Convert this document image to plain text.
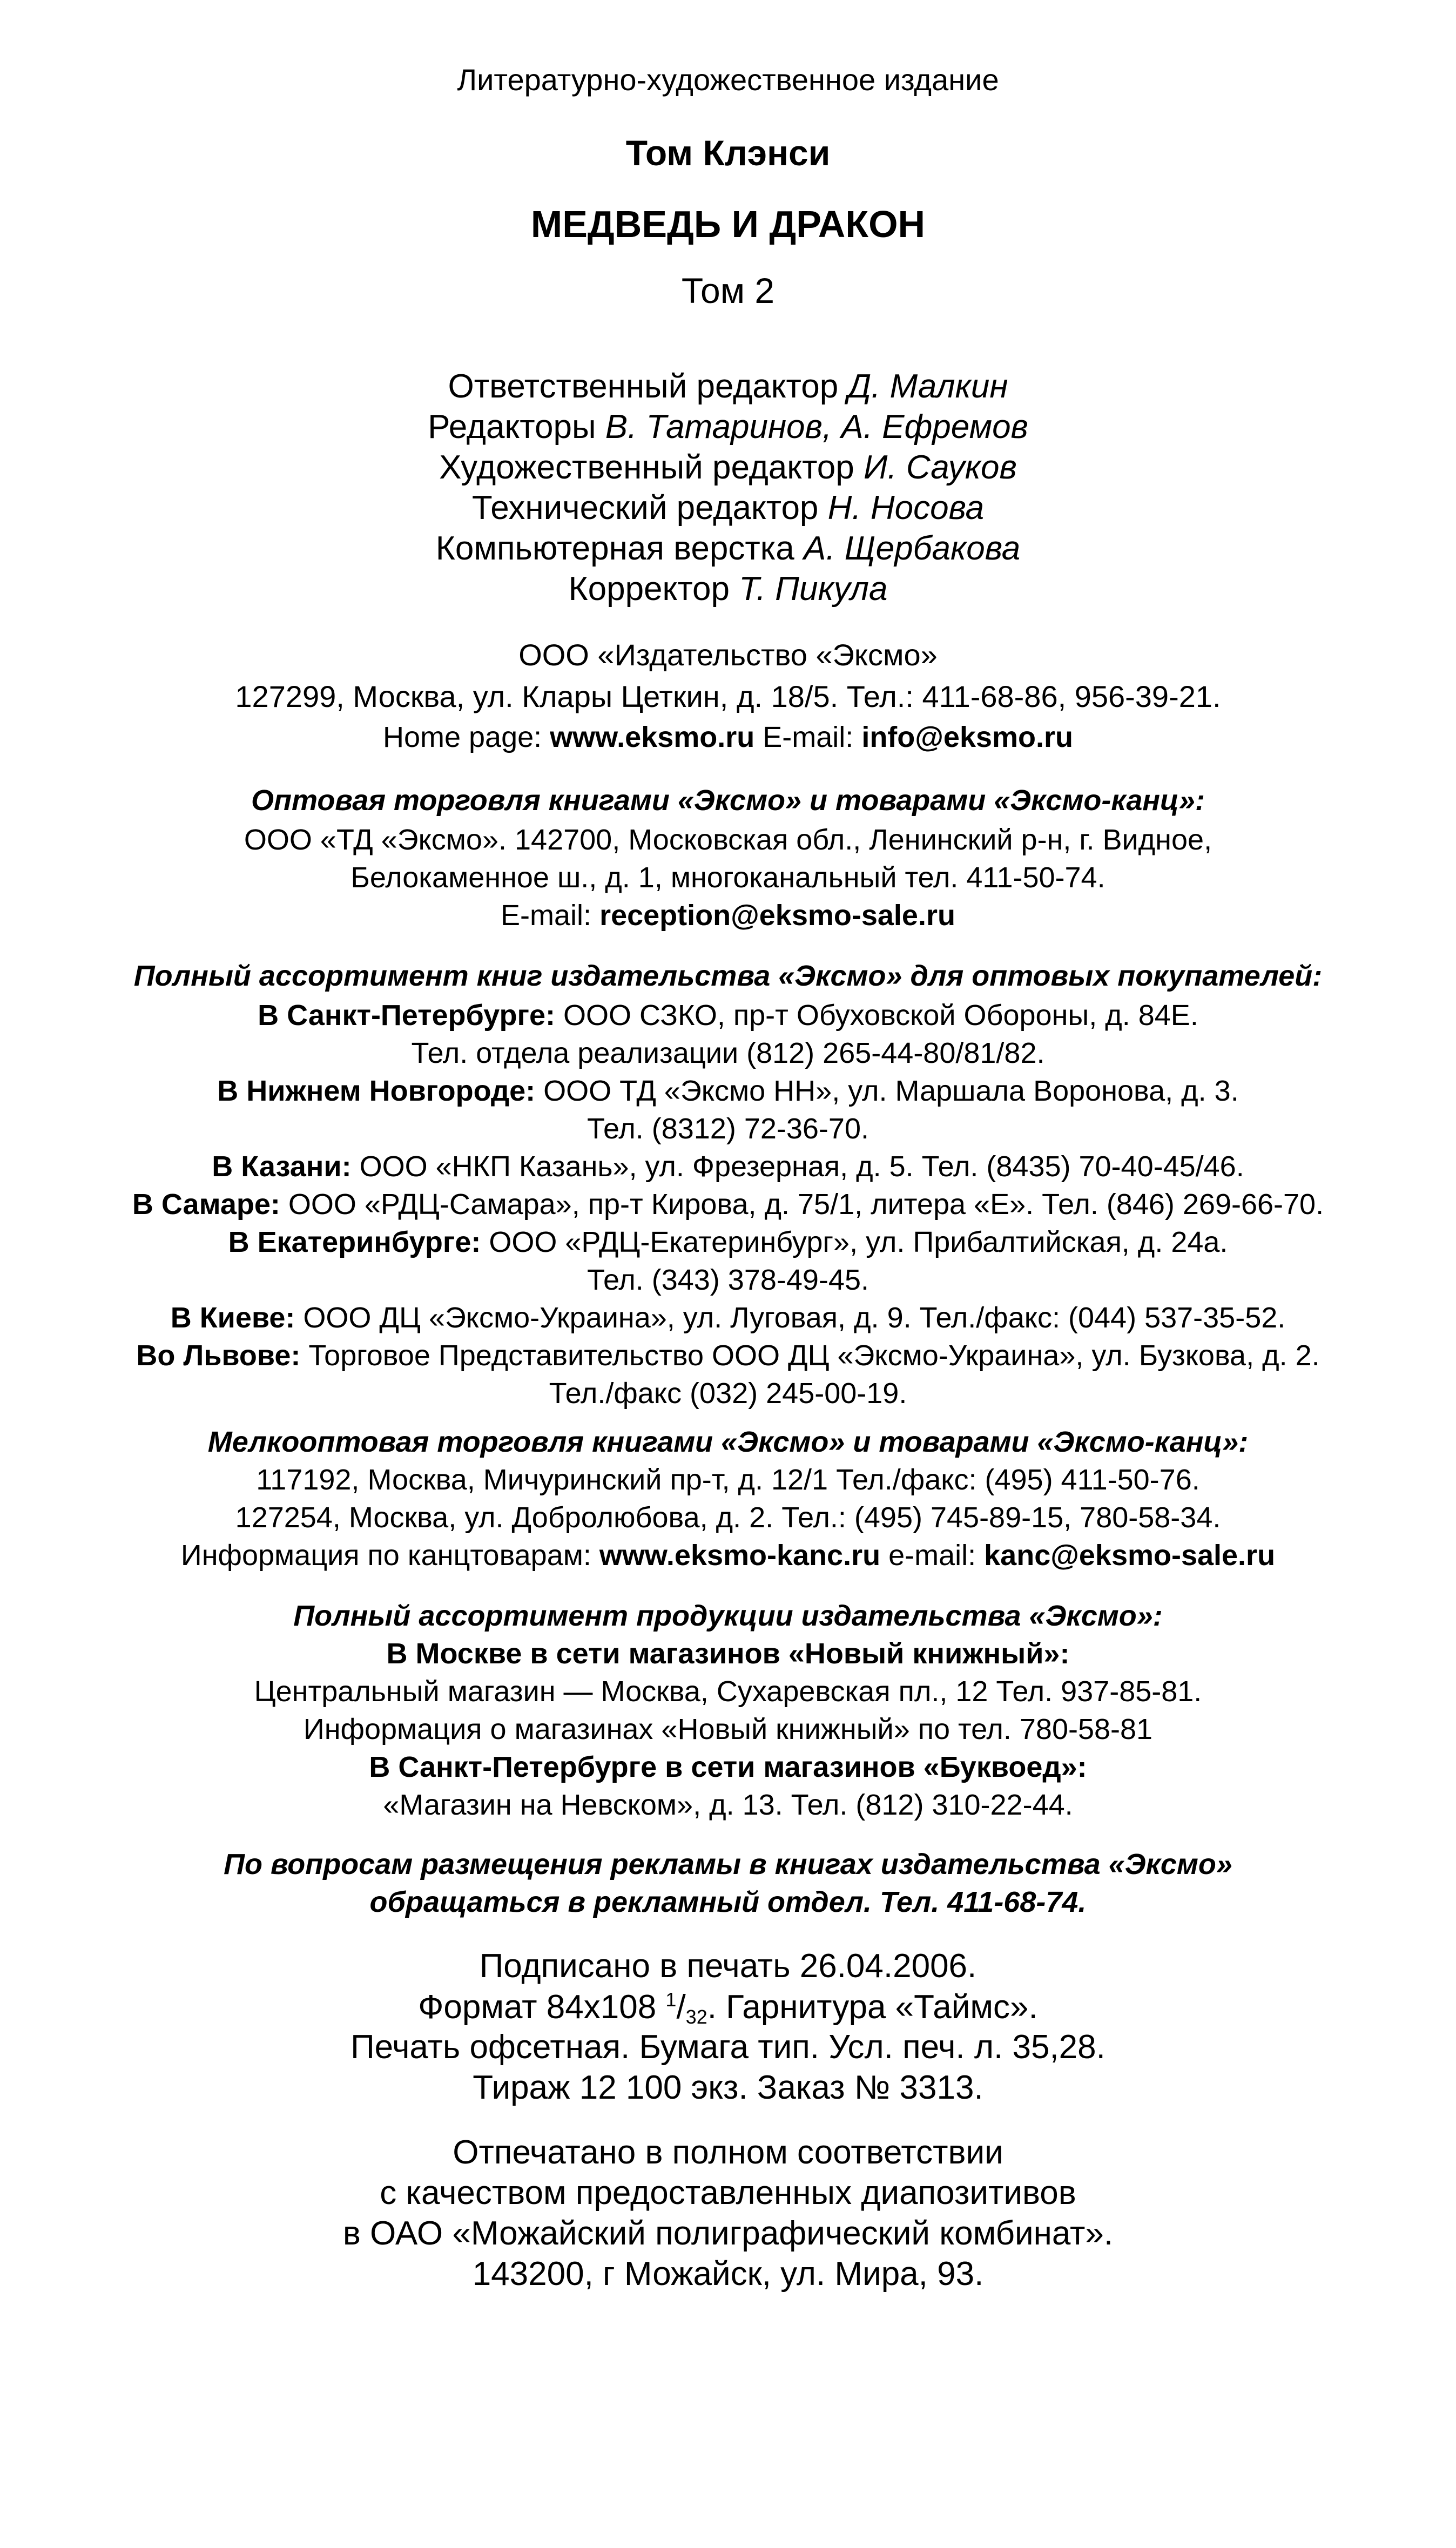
Литературно-художественное издание
Том Клэнси
МЕДВЕДЬ И ДРАКОН
Том 2
Ответственный редактор Д. Малкин
Редакторы В. Татаринов, А. Ефремов
Художественный редактор И. Сауков
Технический редактор Н. Носова
Компьютерная верстка А. Щербакова
Корректор Т. Пикула
ООО «Издательство «Эксмо»
127299, Москва, ул. Клары Цеткин, д. 18/5. Тел.: 411-68-86, 956-39-21.
Home page: www.eksmo.ru E-mail: info@eksmo.ru
Оптовая торговля книгами «Эксмо» и товарами «Эксмо-канц»:
ООО «ТД «Эксмо». 142700, Московская обл., Ленинский р-н, г. Видное,
Белокаменное ш., д. 1, многоканальный тел. 411-50-74.
E-mail: reception@eksmo-sale.ru
Полный ассортимент книг издательства «Эксмо» для оптовых покупателей:
В Санкт-Петербурге: ООО СЗКО, пр-т Обуховской Обороны, д. 84Е.
Тел. отдела реализации (812) 265-44-80/81/82.
В Нижнем Новгороде: ООО ТД «Эксмо НН», ул. Маршала Воронова, д. 3.
Тел. (8312) 72-36-70.
В Казани: ООО «НКП Казань», ул. Фрезерная, д. 5. Тел. (8435) 70-40-45/46.
В Самаре: ООО «РДЦ-Самара», пр-т Кирова, д. 75/1, литера «Е». Тел. (846) 269-66-70.
В Екатеринбурге: ООО «РДЦ-Екатеринбург», ул. Прибалтийская, д. 24а.
Тел. (343) 378-49-45.
В Киеве: ООО ДЦ «Эксмо-Украина», ул. Луговая, д. 9. Тел./факс: (044) 537-35-52.
Во Львове: Торговое Представительство ООО ДЦ «Эксмо-Украина», ул. Бузкова, д. 2.
Тел./факс (032) 245-00-19.
Мелкооптовая торговля книгами «Эксмо» и товарами «Эксмо-канц»:
117192, Москва, Мичуринский пр-т, д. 12/1 Тел./факс: (495) 411-50-76.
127254, Москва, ул. Добролюбова, д. 2. Тел.: (495) 745-89-15, 780-58-34.
Информация по канцтоварам: www.eksmo-kanc.ru e-mail: kanc@eksmo-sale.ru
Полный ассортимент продукции издательства «Эксмо»:
В Москве в сети магазинов «Новый книжный»:
Центральный магазин — Москва, Сухаревская пл., 12 Тел. 937-85-81.
Информация о магазинах «Новый книжный» по тел. 780-58-81
В Санкт-Петербурге в сети магазинов «Буквоед»:
«Магазин на Невском», д. 13. Тел. (812) 310-22-44.
По вопросам размещения рекламы в книгах издательства «Эксмо»
обращаться в рекламный отдел. Тел. 411-68-74.
Подписано в печать 26.04.2006.
Формат 84х108 $^1/_{32}$. Гарнитура «Таймс».
Печать офсетная. Бумага тип. Усл. печ. л. 35,28.
Тираж 12 100 экз. Заказ № 3313.
Отпечатано в полном соответствии
с качеством предоставленных диапозитивов
в ОАО «Можайский полиграфический комбинат».
143200, г Можайск, ул. Мира, 93.
